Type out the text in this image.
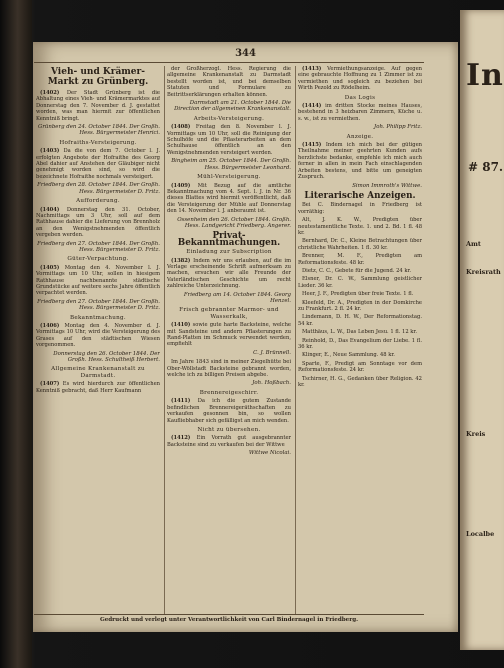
344
Vieh- und Krämer-Markt zu Grünberg.
(1402) Der Stadt Grünberg ist die Abhaltung eines Vieh- und Krämermarktes auf Donnerstag den 7. November d. J. gestattet worden, was man hiermit zur öffentlichen Kenntniß bringt.
Grünberg den 24. October 1844. Der Großh. Hess. Bürgermeister Henrici.
Hofraiths-Versteigerung.
(1403) Da die von dem 7. October l. J. erfolgten Angebote der Hofraithe des Georg Abel dahier auf Anstehen der Gläubiger nicht genehmigt worden sind, so wird die bezeichnete Hofraithe nochmals versteigert.
Friedberg den 28. October 1844. Der Großh. Hess. Bürgermeister D. Fritz.
Aufforderung.
(1404) Donnerstag den 31. October, Nachmittags um 3 Uhr, soll auf dem Rathhause dahier die Lieferung von Brennholz an den Wenigstnehmenden öffentlich vergeben werden.
Friedberg den 27. October 1844. Der Großh. Hess. Bürgermeister D. Fritz.
Güter-Verpachtung.
(1405) Montag den 4. November l. J. Vormittags um 10 Uhr, sollen in hiesigem Rathhause nachbenannte städtische Grundstücke auf weitere sechs Jahre öffentlich verpachtet werden.
Friedberg den 27. October 1844. Der Großh. Hess. Bürgermeister D. Fritz.
Bekanntmachung.
(1406) Montag den 4. November d. J. Vormittags 10 Uhr, wird die Versteigerung des Grases auf den städtischen Wiesen vorgenommen.
Donnerstag den 26. October 1844. Der Großh. Hess. Schultheiß Herbert.
Allgemeine Krankenanstalt zu Darmstadt.
(1407) Es wird hierdurch zur öffentlichen Kenntniß gebracht, daß Herr Kaufmann
der Großherzogl. Hess. Regierung die allgemeine Krankenanstalt zu Darmstadt bestellt worden ist, und bei demselben Statuten und Formulare zu Beitrittserklärungen erhalten können.
Darmstadt am 21. October 1844. Die Direction der allgemeinen Krankenanstalt.
Arbeits-Versteigerung.
(1408) Freitag den 8. November l. J. Vormittags um 10 Uhr, soll die Reinigung der Schulhöfe und die Pflasterarbeiten an dem Schulhause öffentlich an den Wenigstnehmenden versteigert werden.
Bingheim am 25. October 1844. Der Großh. Hess. Bürgermeister Leonhard.
Mühl-Versteigerung.
(1409) Mit Bezug auf die amtliche Bekanntmachung vom 4. Sept. l. J. in Nr. 36 dieses Blattes wird hiermit veröffentlicht, daß die Versteigerung der Mühle auf Donnerstag den 14. November l. J. anberaumt ist.
Ossenheim den 26. October 1844. Großh. Hess. Landgericht Friedberg. Angerer.
Privat-Bekanntmachungen.
Einladung zur Subscription
(1382) Indem wir uns erlauben, auf die im Verlage erscheinende Schrift aufmerksam zu machen, ersuchen wir alle Freunde der Vaterländischen Geschichte um recht zahlreiche Unterzeichnung.
Friedberg am 14. October 1844. Georg Henzel.
Frisch gebrannter Marmor- und Wasserkalk,
(1410) sowie gute harte Backsteine, welche mit Sandsteine und andern Pflasterungen zu Rand-Platten im Schmuck verwendet werden, empfiehlt
C. J. Brünnell.
Im Jahre 1843 sind in meiner Ziegelhütte bei Ober-Wöllstadt Backsteine gebrannt worden, welche ich zu billigen Preisen abgebe.
Joh. Hoßbach.
Brennereigeschirr.
(1411) Da ich die gutem Zustande befindlichen Brennereigeräthschaften zu verkaufen gesonnen bin, so wollen Kaufliebhaber sich gefälligst an mich wenden.
Nicht zu übersehen.
(1412) Ein Vorrath gut ausgebrannter Backsteine sind zu verkaufen bei der Wittwe
Wittwe Nicolai.
(1413) Vermiethungsanzeige. Auf gegen eine gebrauchte Hoffnung zu 1 Zimmer ist zu vermiethen und sogleich zu beziehen bei Wirth Pezold zu Rödelheim.
Das Logis
(1414) im dritten Stocke meines Hauses, bestehend in 3 heizbaren Zimmern, Küche u. s. w., ist zu vermiethen.
Joh. Philipp Fritz.
Anzeige.
(1415) Indem ich mich bei der gütigen Theilnahme meiner geehrten Kunden aufs herzlichste bedanke, empfehle ich mich auch ferner in allen in mein Fach einschlagenden Arbeiten bestens, und bitte um geneigten Zuspruch.
Simon Immroth's Wittwe.
Literarische Anzeigen.
Bei C. Bindernagel in Friedberg ist vorräthig:
Alt, J. K. W., Predigten über neutestamentliche Texte. 1. und 2. Bd. 1 fl. 48 kr.
Bernhard, Dr. C., Kleine Betrachtungen über christliche Wahrheiten. 1 fl. 30 kr.
Brenner, M. F., Predigten am Reformationsfeste. 48 kr.
Dietz, C. C., Gebete für die Jugend. 24 kr.
Elsner, Dr. C. W., Sammlung geistlicher Lieder. 36 kr.
Heer, J. F., Predigten über freie Texte. 1 fl.
Kleefeld, Dr. A., Predigten in der Domkirche zu Frankfurt. 2 fl. 24 kr.
Lindemann, D. H. W., Der Reformationstag. 54 kr.
Matthäus, L. W., Das Leben Jesu. 1 fl. 12 kr.
Reinhold, D., Das Evangelium der Liebe. 1 fl. 36 kr.
Klinger, E., Neue Sammlung. 48 kr.
Sparte, F., Predigt am Sonntage vor dem Reformationsfeste. 24 kr.
Tschirner, H. G., Gedanken über Religion. 42 kr.
Gedruckt und verlegt unter Verantwortlichkeit von Carl Bindernagel in Friedberg.
In
# 87.
Amt
Kreisrath
Kreis
Localbe
